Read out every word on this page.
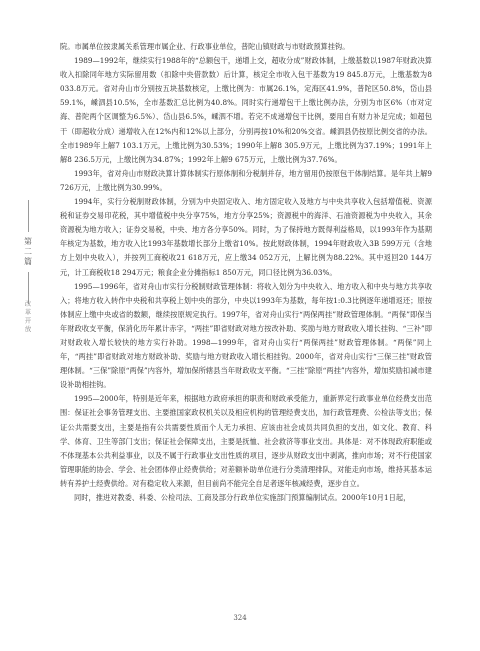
第二篇
改革开放

院。市属单位按隶属关系管理市属企业、行政事业单位，普陀山镇财政与市财政预算挂钩。

1989—1992年，继续实行1988年的“总额包干，递增上交，超收分成”财政体制，上缴基数以1987年财政决算收入扣除同年地方实际留用数（扣除中央借款数）后计算，核定全市收入包干基数为19 845.8万元，上缴基数为8 033.8万元。省对舟山市分别按五块基数核定，上缴比例为：市属26.1%，定海区41.9%，普陀区50.8%，岱山县59.1%，嵊泗县10.5%，全市基数汇总比例为40.8%。同时实行递增包干上缴比例办法，分别为市区6%（市对定海、普陀两个区调整为6.5%）、岱山县6.5%，嵊泗不增。若完不成递增包干比例，要用自有财力补足完成；如超包干（即超收分成）递增收入在12%内和12%以上部分，分别再按10%和20%交省。嵊泗县仍按原比例交省的办法。全市1989年上解7 103.1万元，上缴比例为30.53%；1990年上解8 305.9万元，上缴比例为37.19%；1991年上解8 236.5万元，上缴比例为34.87%；1992年上解9 675万元，上缴比例为37.76%。

1993年，省对舟山市财政决算计算体制实行原体制和分税制并存，地方留用仍按原包干体制结算。是年共上解9 726万元，上缴比例为30.99%。

1994年，实行分税制财政体制，分别为中央固定收入、地方固定收入及地方与中央共享收入包括增值税、资源税和证券交易印花税，其中增值税中央分享75%，地方分享25%；资源税中的海洋、石油资源税为中央收入，其余资源税为地方收入；证券交易税，中央、地方各分享50%。同时，为了保持地方既得利益格局，以1993年作为基期年核定为基数，地方收入比1993年基数增长部分上缴省10%。按此财政体制，1994年财政收入3B 599万元（含地方上划中央收入），并按列工商税收21 618万元，应上缴34 052万元，上解比例为88.22%。其中返回20 144万元，计工商税收18 294万元；粮食企业分摊指标1 850万元，同口径比例为36.03%。

1995—1996年，省对舟山市实行分税制财政管理体制：将收入划分为中央收入、地方收入和中央与地方共享收入；将地方收入转作中央税和共享税上划中央的部分，中央以1993年为基数，每年按1:0.3比例逐年递增返还；原按体制应上缴中央或省的数额，继续按原规定执行。1997年，省对舟山实行“两保两挂”财政管理体制。“两保”即保当年财政收支平衡，保消化历年累计赤字，“两挂”即省财政对地方按改补助、奖励与地方财政收入增长挂钩、“三补”即对财政收入增长较快的地方实行补助。1998—1999年，省对舟山实行“两保两挂”财政管理体制。“两保”同上年，“两挂”即省财政对地方财政补助、奖励与地方财政收入增长相挂钩。2000年，省对舟山实行“三保三挂”财政管理体制。“三保”除原“两保”内容外，增加保所辖县当年财政收支平衡。“三挂”除原“两挂”内容外，增加奖励扣减市建设补助相挂钩。

1995—2000年，特别是近年来，根据地方政府承担的职责和财政承受能力，重新界定行政事业单位经费支出范围：保证社会事务管理支出、主要推国家政权机关以及相应机构的管理经费支出，加行政管理费、公检法等支出；保证公共需要支出，主要是指有公共需要性质而个人无力承担、应该由社会成员共同负担的支出，如文化、教育、科学、体育、卫生等部门支出；保证社会保障支出，主要是抚恤、社会救济等事业支出。具体是：对不体现政府职能或不体现基本公共利益事业，以及不属于行政事业支出性质的项目，逐步从财政支出中剥离，推向市场；对不行使国家管理职能的协会、学会、社会团体停止经费供给；对差额补助单位进行分类清理排队，对能走向市场，维持其基本运转有养护土经费供给。对有稳定收入来源，但目前尚不能完全自足者逐年核减经费，逐步自立。

同时，推进对教委、科委、公检司法、工商及部分行政单位实施部门预算编制试点。2000年10月1日起，

324
